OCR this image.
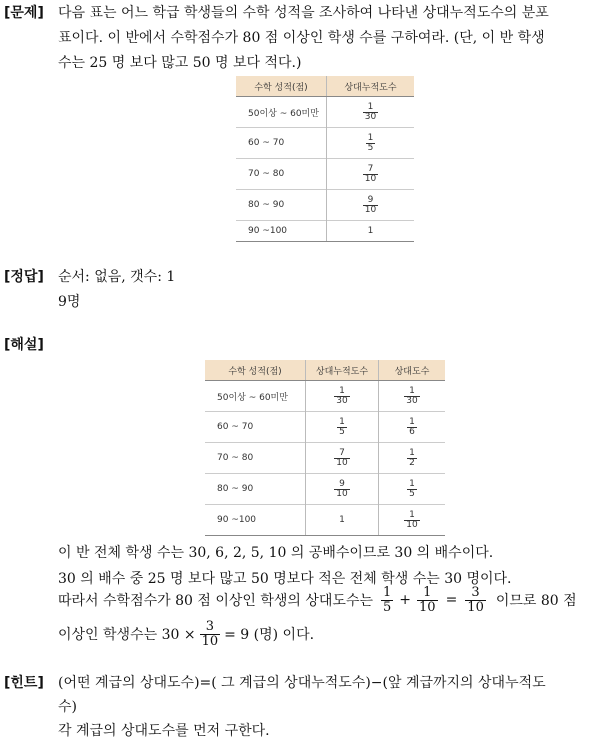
[문제] 다음 표는 어느 학급 학생들의 수학 성적을 조사하여 나타낸 상대누적도수의 분포
표이다. 이 반에서 수학점수가 80 점 이상인 학생 수를 구하여라. (단, 이 반 학생
수는 25 명 보다 많고 50 명 보다 적다.)
수학 성적(점)	상대누적도수
50이상 ~ 60미만	$\frac{1}{30}$

60 ~ 70	$\frac{1}{5}$

70 ~ 80	$\frac{7}{10}$

80 ~ 90	$\frac{9}{10}$

90 ~100	1
[정답] 순서: 없음, 갯수: 1
9명
[해설]
수학 성적(점)	상대누적도수	상대도수
50이상 ~ 60미만	$\frac{1}{30}$	$\frac{1}{30}$

60 ~ 70	$\frac{1}{5}$	$\frac{1}{6}$

70 ~ 80	$\frac{7}{10}$	$\frac{1}{2}$

80 ~ 90	$\frac{9}{10}$	$\frac{1}{5}$

90 ~100	1	$\frac{1}{10}$
이 반 전체 학생 수는 30, 6, 2, 5, 10 의 공배수이므로 30 의 배수이다.
30 의 배수 중 25 명 보다 많고 50 명보다 적은 전체 학생 수는 30 명이다.
따라서 수학점수가 80 점 이상인 학생의 상대도수는
1
$5 + \frac{1}{10} = \frac{3}{10}$ 이므로 80 점
이상인 학생수는 $30 \times \frac{3}{10} = 9$ (명) 이다.
[힌트] (어떤 계급의 상대도수)=( 그 계급의 상대누적도수)−(앞 계급까지의 상대누적도
수)
각 계급의 상대도수를 먼저 구한다.
